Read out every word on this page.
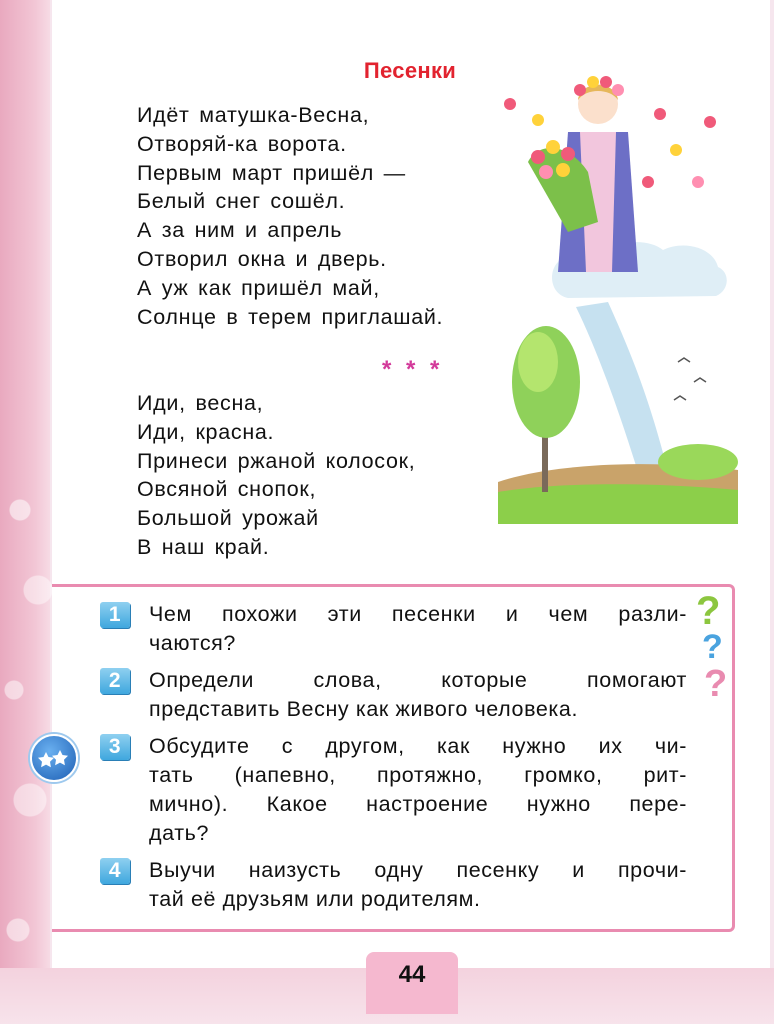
Песенки
Идёт матушка-Весна,
Отворяй-ка ворота.
Первым март пришёл —
Белый снег сошёл.
А за ним и апрель
Отворил окна и дверь.
А уж как пришёл май,
Солнце в терем приглашай.
* * *
Иди, весна,
Иди, красна.
Принеси ржаной колосок,
Овсяной снопок,
Большой урожай
В наш край.
?
?
?
1	Чем похожи эти песенки и чем разли-
чаются?
2	Определи слова, которые помогают
представить Весну как живого человека.
3	Обсудите с другом, как нужно их чи-
тать (напевно, протяжно, громко, рит-
мично). Какое настроение нужно пере-
дать?
4	Выучи наизусть одну песенку и прочи-
тай её друзьям или родителям.
44
